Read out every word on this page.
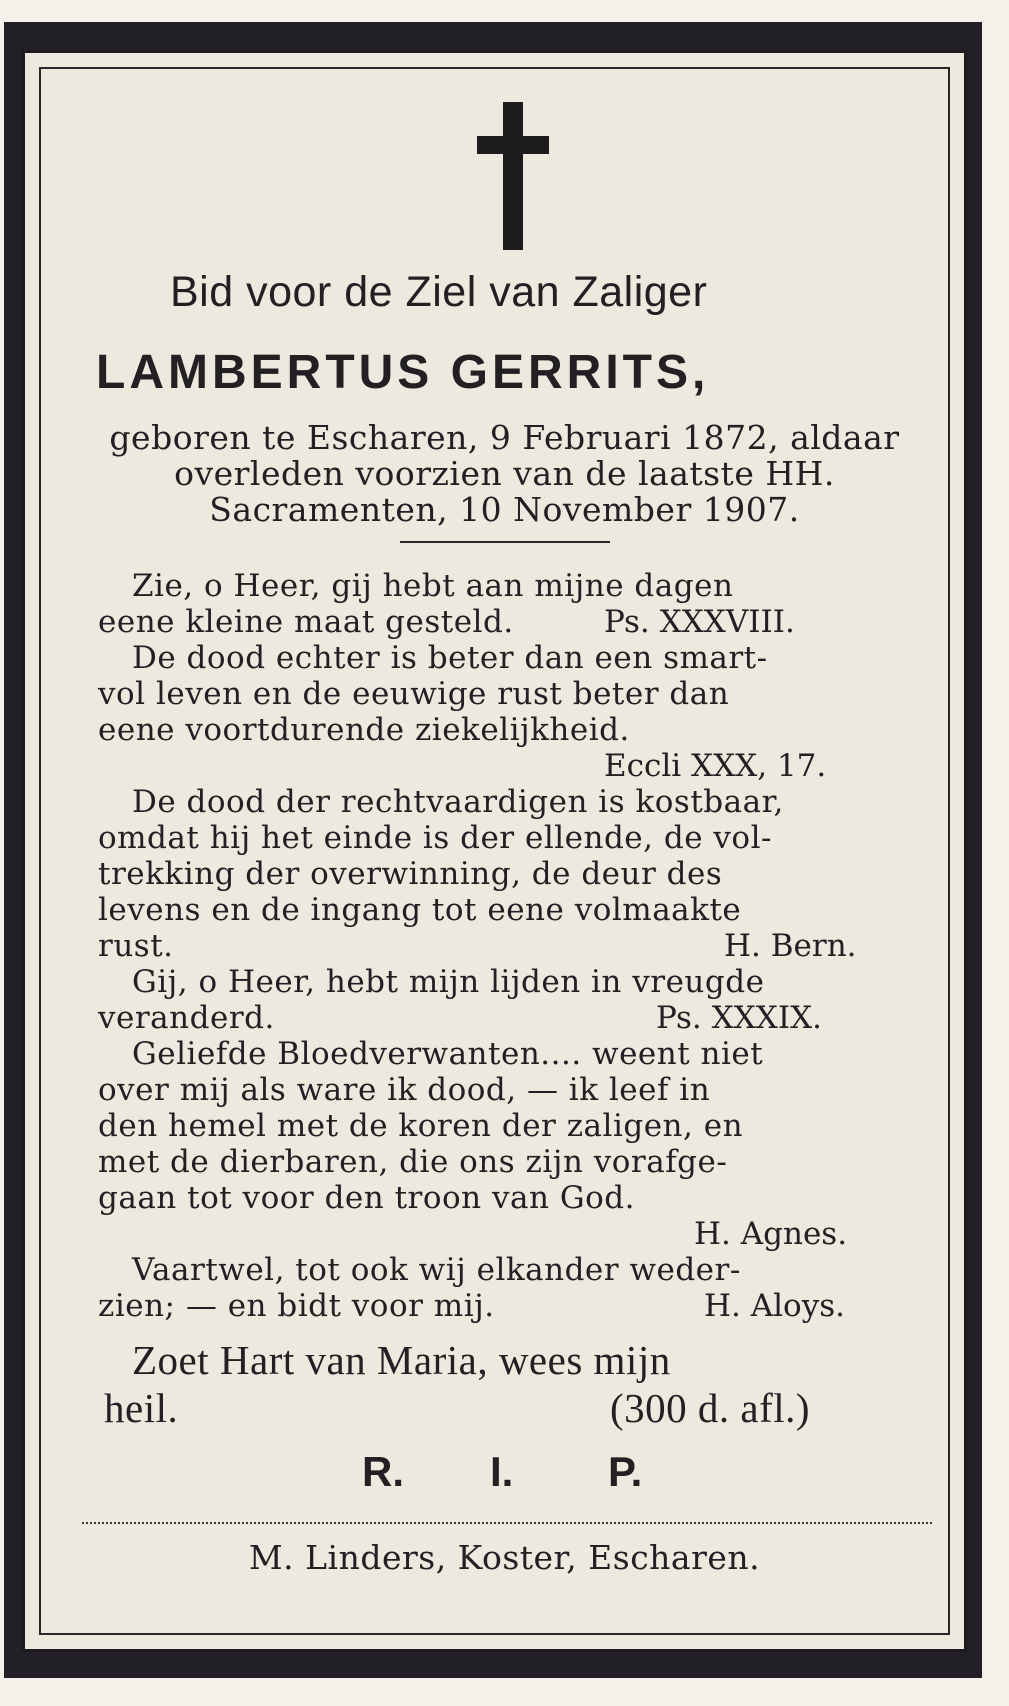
Bid voor de Ziel van Zaliger

LAMBERTUS GERRITS,

geboren te Escharen, 9 Februari 1872, aldaar

overleden voorzien van de laatste HH.

Sacramenten, 10 November 1907.

Zie, o Heer, gij hebt aan mijne dagen
eene kleine maat gesteld.	Ps. XXXVIII.
De dood echter is beter dan een smart-
vol leven en de eeuwige rust beter dan
eene voortdurende ziekelijkheid.
Eccli XXX, 17.
De dood der rechtvaardigen is kostbaar,
omdat hij het einde is der ellende, de vol-
trekking der overwinning, de deur des
levens en de ingang tot eene volmaakte
rust.	H. Bern.
Gij, o Heer, hebt mijn lijden in vreugde
veranderd.	Ps. XXXIX.
Geliefde Bloedverwanten.... weent niet
over mij als ware ik dood, — ik leef in
den hemel met de koren der zaligen, en
met de dierbaren, die ons zijn vorafge-
gaan tot voor den troon van God.
H. Agnes.
Vaartwel, tot ook wij elkander weder-
zien; — en bidt voor mij.	H. Aloys.
Zoet Hart van Maria, wees mijn
heil.	(300 d. afl.)
R. I. P.

M. Linders, Koster, Escharen.
